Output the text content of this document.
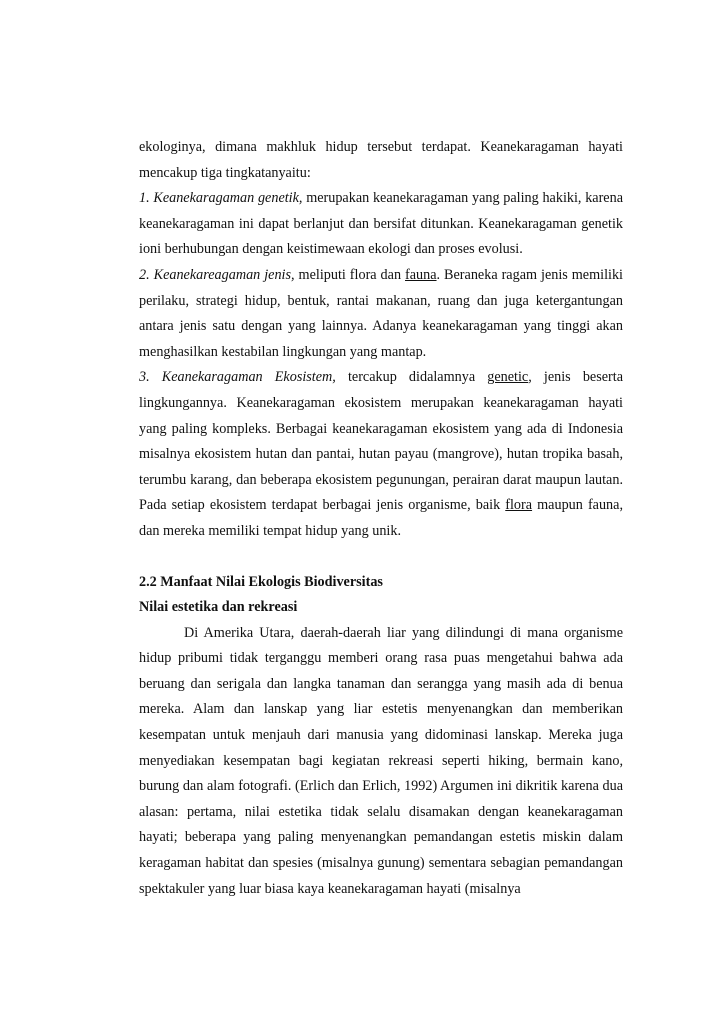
ekologinya, dimana makhluk hidup tersebut terdapat. Keanekaragaman hayati mencakup tiga tingkatanyaitu:

1. Keanekaragaman genetik, merupakan keanekaragaman yang paling hakiki, karena keanekaragaman ini dapat berlanjut dan bersifat ditunkan. Keanekaragaman genetik ioni berhubungan dengan keistimewaan ekologi dan proses evolusi.

2. Keanekareagaman jenis, meliputi flora dan fauna. Beraneka ragam jenis memiliki perilaku, strategi hidup, bentuk, rantai makanan, ruang dan juga ketergantungan antara jenis satu dengan yang lainnya. Adanya keanekaragaman yang tinggi akan menghasilkan kestabilan lingkungan yang mantap.

3. Keanekaragaman Ekosistem, tercakup didalamnya genetic, jenis beserta lingkungannya. Keanekaragaman ekosistem merupakan keanekaragaman hayati yang paling kompleks. Berbagai keanekaragaman ekosistem yang ada di Indonesia misalnya ekosistem hutan dan pantai, hutan payau (mangrove), hutan tropika basah, terumbu karang, dan beberapa ekosistem pegunungan, perairan darat maupun lautan. Pada setiap ekosistem terdapat berbagai jenis organisme, baik flora maupun fauna, dan mereka memiliki tempat hidup yang unik.

2.2 Manfaat Nilai Ekologis Biodiversitas

Nilai estetika dan rekreasi

Di Amerika Utara, daerah-daerah liar yang dilindungi di mana organisme hidup pribumi tidak terganggu memberi orang rasa puas mengetahui bahwa ada beruang dan serigala dan langka tanaman dan serangga yang masih ada di benua mereka. Alam dan lanskap yang liar estetis menyenangkan dan memberikan kesempatan untuk menjauh dari manusia yang didominasi lanskap. Mereka juga menyediakan kesempatan bagi kegiatan rekreasi seperti hiking, bermain kano, burung dan alam fotografi. (Erlich dan Erlich, 1992) Argumen ini dikritik karena dua alasan: pertama, nilai estetika tidak selalu disamakan dengan keanekaragaman hayati; beberapa yang paling menyenangkan pemandangan estetis miskin dalam keragaman habitat dan spesies (misalnya gunung) sementara sebagian pemandangan spektakuler yang luar biasa kaya keanekaragaman hayati (misalnya
